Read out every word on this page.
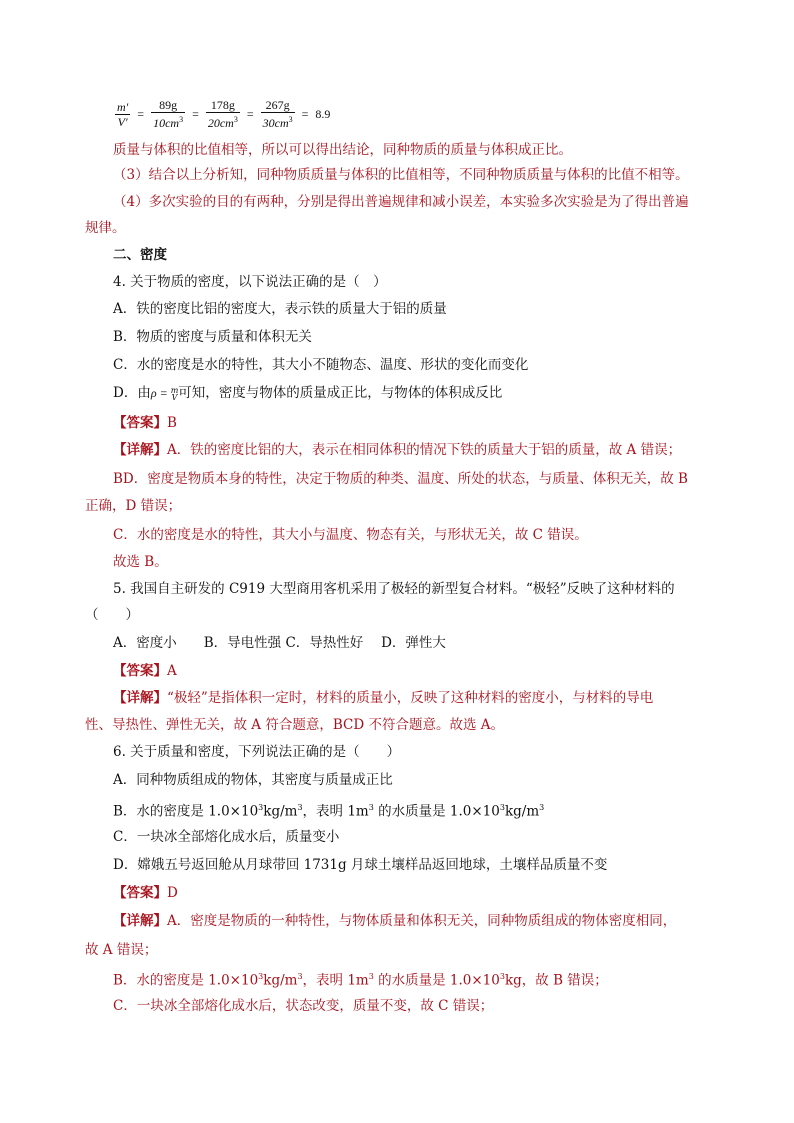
$\frac{m'}{V'} = \frac{89g}{10cm^3} = \frac{178g}{20cm^3} = \frac{267g}{30cm^3} = 8.9$
质量与体积的比值相等，所以可以得出结论，同种物质的质量与体积成正比。
（3）结合以上分析知，同种物质质量与体积的比值相等，不同种物质质量与体积的比值不相等。
（4）多次实验的目的有两种，分别是得出普遍规律和减小误差，本实验多次实验是为了得出普遍
规律。
二、密度
4. 关于物质的密度，以下说法正确的是（　）
A．铁的密度比铝的密度大，表示铁的质量大于铝的质量
B．物质的密度与质量和体积无关
C．水的密度是水的特性，其大小不随物态、温度、形状的变化而变化
D．由ρ = m
V 可知，密度与物体的质量成正比，与物体的体积成反比
【答案】B
【详解】A．铁的密度比铝的大，表示在相同体积的情况下铁的质量大于铝的质量，故 A 错误；
BD．密度是物质本身的特性，决定于物质的种类、温度、所处的状态，与质量、体积无关，故 B
正确，D 错误；
C．水的密度是水的特性，其大小与温度、物态有关，与形状无关，故 C 错误。
故选 B。
5. 我国自主研发的 C919 大型商用客机采用了极轻的新型复合材料。“极轻”反映了这种材料的
（　　）
A．密度小　　B．导电性强 C．导热性好　 D．弹性大
【答案】A
【详解】“极轻”是指体积一定时，材料的质量小，反映了这种材料的密度小，与材料的导电
性、导热性、弹性无关，故 A 符合题意，BCD 不符合题意。故选 A。
6. 关于质量和密度，下列说法正确的是（　　）
A．同种物质组成的物体，其密度与质量成正比
B．水的密度是 $1.0\times 10^3kg/m^3$，表明 $1m^3$ 的水质量是 $1.0\times 10^3kg/m^3$
C．一块冰全部熔化成水后，质量变小
D．嫦娥五号返回舱从月球带回 1731g 月球土壤样品返回地球，土壤样品质量不变
【答案】D
【详解】A．密度是物质的一种特性，与物体质量和体积无关，同种物质组成的物体密度相同，
故 A 错误；
B．水的密度是 $1.0\times 10^3kg/m^3$，表明 $1m^3$ 的水质量是 $1.0\times 10^3kg$，故 B 错误；
C．一块冰全部熔化成水后，状态改变，质量不变，故 C 错误；
